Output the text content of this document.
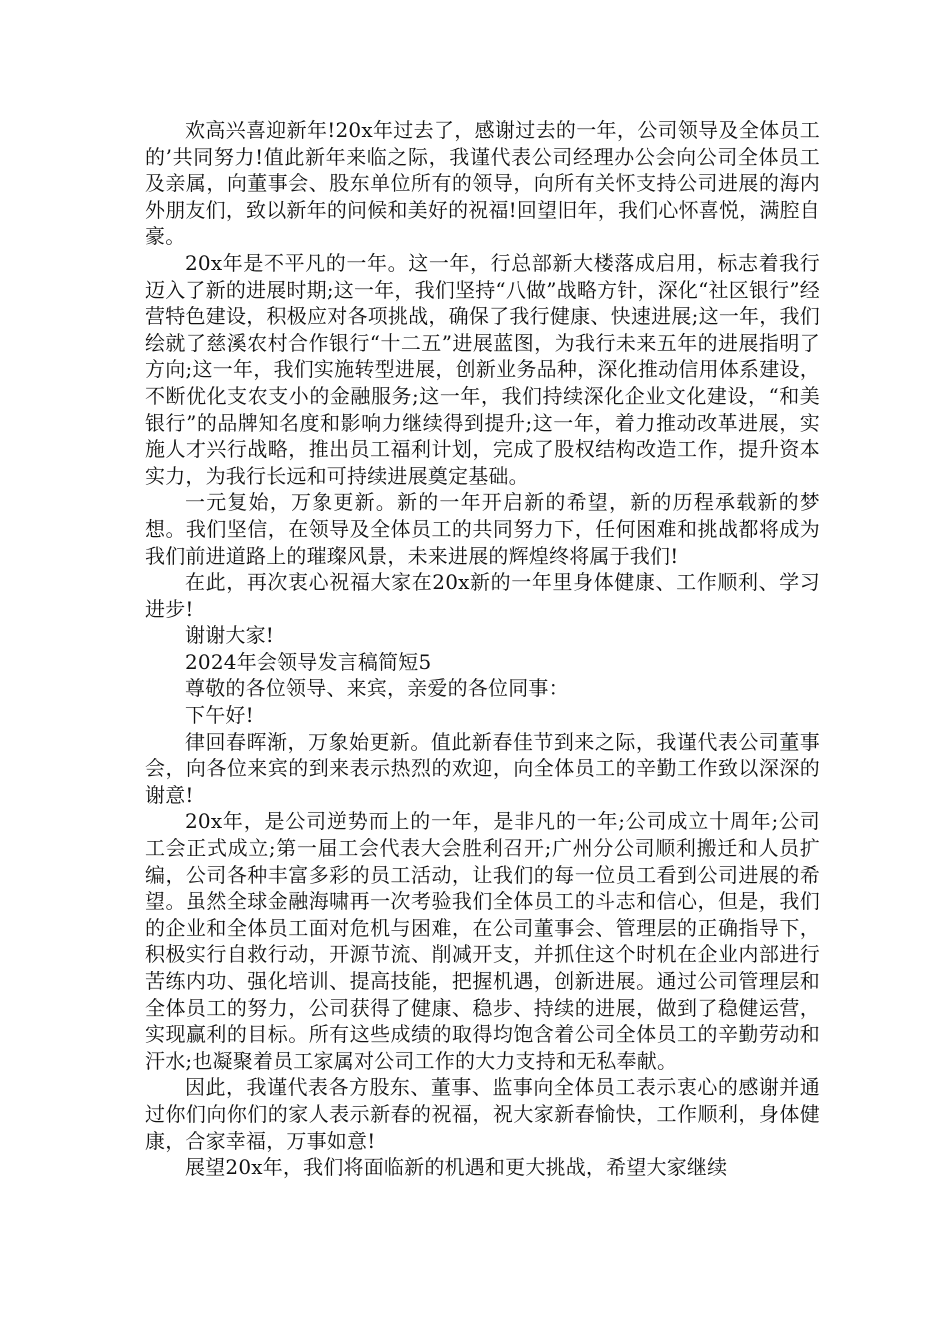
欢高兴喜迎新年!20x年过去了，感谢过去的一年，公司领导及全体员工的’共同努力!值此新年来临之际，我谨代表公司经理办公会向公司全体员工及亲属，向董事会、股东单位所有的领导，向所有关怀支持公司进展的海内外朋友们，致以新年的问候和美好的祝福!回望旧年，我们心怀喜悦，满腔自豪。

20x年是不平凡的一年。这一年，行总部新大楼落成启用，标志着我行迈入了新的进展时期;这一年，我们坚持“八做”战略方针，深化“社区银行”经营特色建设，积极应对各项挑战，确保了我行健康、快速进展;这一年，我们绘就了慈溪农村合作银行“十二五”进展蓝图，为我行未来五年的进展指明了方向;这一年，我们实施转型进展，创新业务品种，深化推动信用体系建设，不断优化支农支小的金融服务;这一年，我们持续深化企业文化建设，“和美银行”的品牌知名度和影响力继续得到提升;这一年，着力推动改革进展，实施人才兴行战略，推出员工福利计划，完成了股权结构改造工作，提升资本实力，为我行长远和可持续进展奠定基础。

一元复始，万象更新。新的一年开启新的希望，新的历程承载新的梦想。我们坚信，在领导及全体员工的共同努力下，任何困难和挑战都将成为我们前进道路上的璀璨风景，未来进展的辉煌终将属于我们!

在此，再次衷心祝福大家在20x新的一年里身体健康、工作顺利、学习进步!

谢谢大家!

2024年会领导发言稿简短5

尊敬的各位领导、来宾，亲爱的各位同事：

下午好!

律回春晖渐，万象始更新。值此新春佳节到来之际，我谨代表公司董事会，向各位来宾的到来表示热烈的欢迎，向全体员工的辛勤工作致以深深的谢意!

20x年，是公司逆势而上的一年，是非凡的一年;公司成立十周年;公司工会正式成立;第一届工会代表大会胜利召开;广州分公司顺利搬迁和人员扩编，公司各种丰富多彩的员工活动，让我们的每一位员工看到公司进展的希望。虽然全球金融海啸再一次考验我们全体员工的斗志和信心，但是，我们的企业和全体员工面对危机与困难，在公司董事会、管理层的正确指导下，积极实行自救行动，开源节流、削减开支，并抓住这个时机在企业内部进行苦练内功、强化培训、提高技能，把握机遇，创新进展。通过公司管理层和全体员工的努力，公司获得了健康、稳步、持续的进展，做到了稳健运营，实现赢利的目标。所有这些成绩的取得均饱含着公司全体员工的辛勤劳动和汗水;也凝聚着员工家属对公司工作的大力支持和无私奉献。

因此，我谨代表各方股东、董事、监事向全体员工表示衷心的感谢并通过你们向你们的家人表示新春的祝福，祝大家新春愉快，工作顺利，身体健康，合家幸福，万事如意!

展望20x年，我们将面临新的机遇和更大挑战，希望大家继续
